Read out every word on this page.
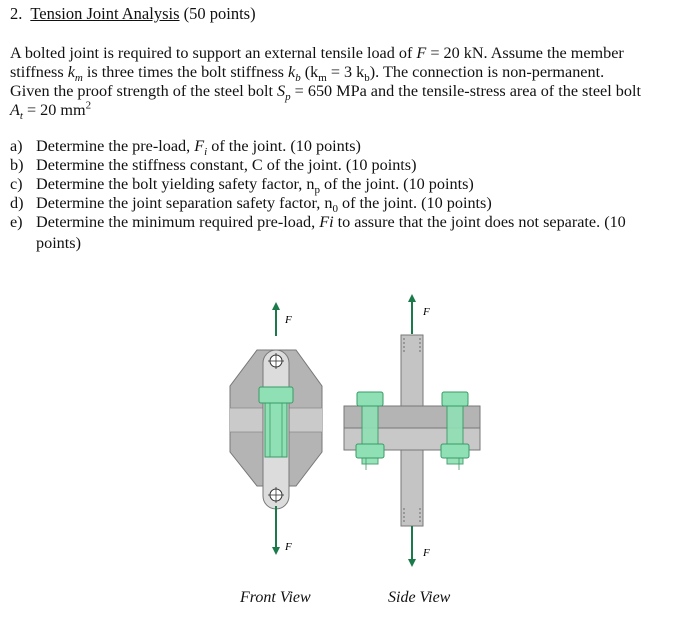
2. Tension Joint Analysis (50 points)
A bolted joint is required to support an external tensile load of F = 20 kN. Assume the member
stiffness $k_m$ is three times the bolt stiffness $k_b$ ($k_m = 3$ $k_b$). The connection is non-permanent.
Given the proof strength of the steel bolt $S_p = 650$ MPa and the tensile-stress area of the steel bolt
$A_t = 20$ $mm^2$
a) Determine the pre-load, $F_i$ of the joint. (10 points)
b) Determine the stiffness constant, C of the joint. (10 points)
c) Determine the bolt yielding safety factor, $n_p$ of the joint. (10 points)
d) Determine the joint separation safety factor, $n_0$ of the joint. (10 points)
e) Determine the minimum required pre-load, Fi to assure that the joint does not separate. (10
points)
F
F
F
F
Front View	Side View
